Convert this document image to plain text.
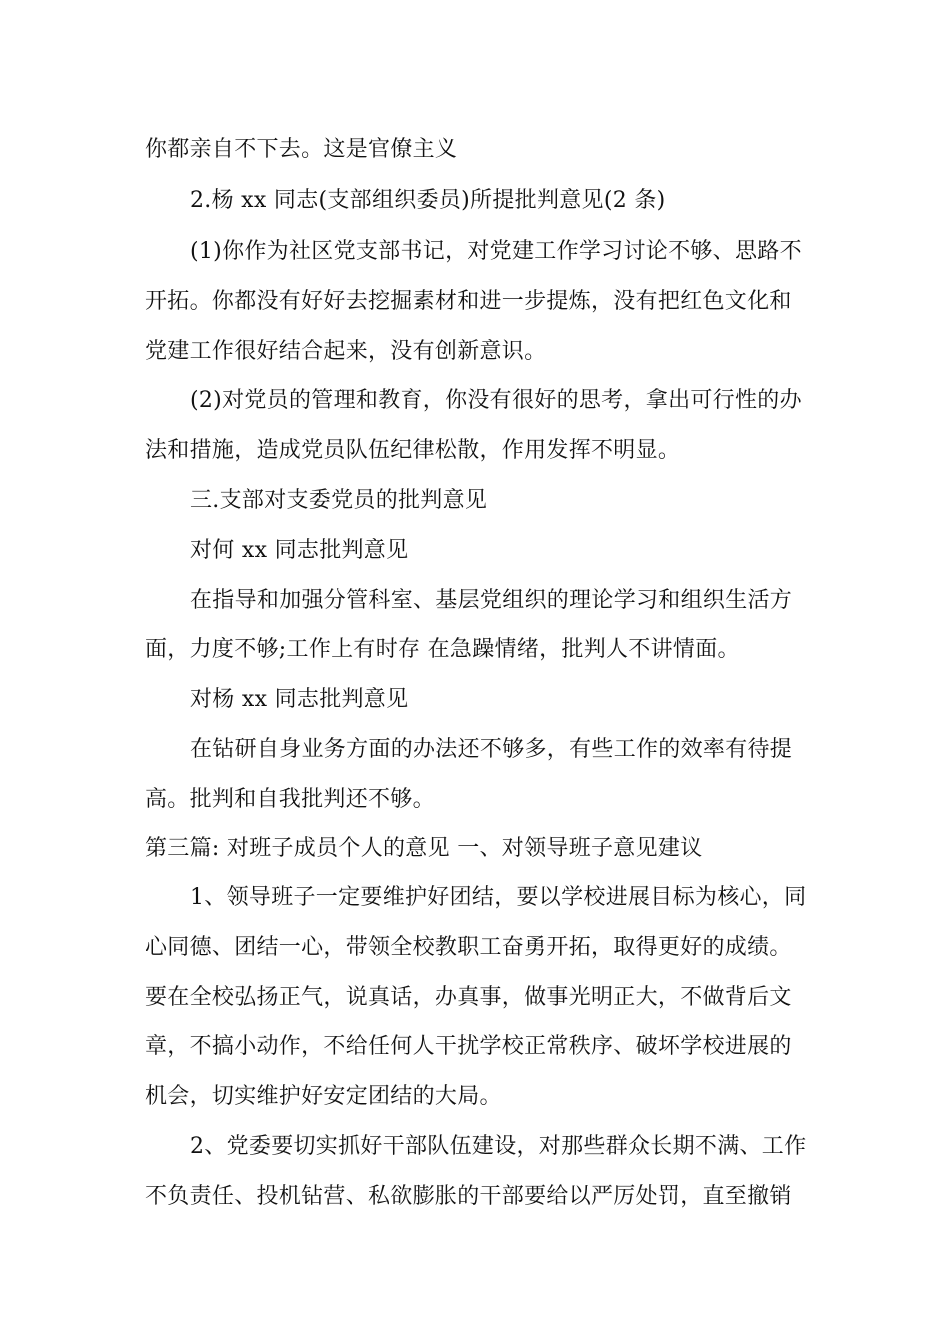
你都亲自不下去。这是官僚主义
2.杨 xx 同志(支部组织委员)所提批判意见(2 条)
(1)你作为社区党支部书记，对党建工作学习讨论不够、思路不
开拓。你都没有好好去挖掘素材和进一步提炼，没有把红色文化和
党建工作很好结合起来，没有创新意识。
(2)对党员的管理和教育，你没有很好的思考，拿出可行性的办
法和措施，造成党员队伍纪律松散，作用发挥不明显。
三.支部对支委党员的批判意见
对何 xx 同志批判意见
在指导和加强分管科室、基层党组织的理论学习和组织生活方
面，力度不够;工作上有时存 在急躁情绪，批判人不讲情面。
对杨 xx 同志批判意见
在钻研自身业务方面的办法还不够多，有些工作的效率有待提
高。批判和自我批判还不够。
第三篇: 对班子成员个人的意见 一、对领导班子意见建议
1、领导班子一定要维护好团结，要以学校进展目标为核心，同
心同德、团结一心，带领全校教职工奋勇开拓，取得更好的成绩。
要在全校弘扬正气，说真话，办真事，做事光明正大，不做背后文
章，不搞小动作，不给任何人干扰学校正常秩序、破坏学校进展的
机会，切实维护好安定团结的大局。
2、党委要切实抓好干部队伍建设，对那些群众长期不满、工作
不负责任、投机钻营、私欲膨胀的干部要给以严厉处罚，直至撤销
